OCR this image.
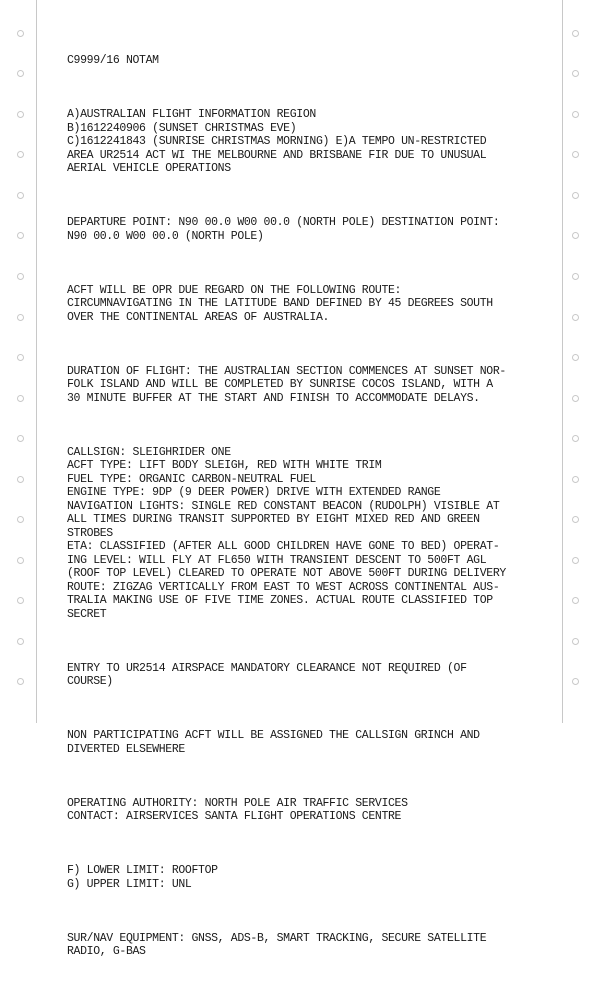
C9999/16 NOTAM

A)AUSTRALIAN FLIGHT INFORMATION REGION
B)1612240906 (SUNSET CHRISTMAS EVE)
C)1612241843 (SUNRISE CHRISTMAS MORNING) E)A TEMPO UN-RESTRICTED
AREA UR2514 ACT WI THE MELBOURNE AND BRISBANE FIR DUE TO UNUSUAL
AERIAL VEHICLE OPERATIONS

DEPARTURE POINT: N90 00.0 W00 00.0 (NORTH POLE) DESTINATION POINT:
N90 00.0 W00 00.0 (NORTH POLE)

ACFT WILL BE OPR DUE REGARD ON THE FOLLOWING ROUTE:
CIRCUMNAVIGATING IN THE LATITUDE BAND DEFINED BY 45 DEGREES SOUTH
OVER THE CONTINENTAL AREAS OF AUSTRALIA.

DURATION OF FLIGHT: THE AUSTRALIAN SECTION COMMENCES AT SUNSET NOR-
FOLK ISLAND AND WILL BE COMPLETED BY SUNRISE COCOS ISLAND, WITH A
30 MINUTE BUFFER AT THE START AND FINISH TO ACCOMMODATE DELAYS.

CALLSIGN: SLEIGHRIDER ONE
ACFT TYPE: LIFT BODY SLEIGH, RED WITH WHITE TRIM
FUEL TYPE: ORGANIC CARBON-NEUTRAL FUEL
ENGINE TYPE: 9DP (9 DEER POWER) DRIVE WITH EXTENDED RANGE
NAVIGATION LIGHTS: SINGLE RED CONSTANT BEACON (RUDOLPH) VISIBLE AT
ALL TIMES DURING TRANSIT SUPPORTED BY EIGHT MIXED RED AND GREEN
STROBES
ETA: CLASSIFIED (AFTER ALL GOOD CHILDREN HAVE GONE TO BED) OPERAT-
ING LEVEL: WILL FLY AT FL650 WITH TRANSIENT DESCENT TO 500FT AGL
(ROOF TOP LEVEL) CLEARED TO OPERATE NOT ABOVE 500FT DURING DELIVERY
ROUTE: ZIGZAG VERTICALLY FROM EAST TO WEST ACROSS CONTINENTAL AUS-
TRALIA MAKING USE OF FIVE TIME ZONES. ACTUAL ROUTE CLASSIFIED TOP
SECRET

ENTRY TO UR2514 AIRSPACE MANDATORY CLEARANCE NOT REQUIRED (OF
COURSE)

NON PARTICIPATING ACFT WILL BE ASSIGNED THE CALLSIGN GRINCH AND
DIVERTED ELSEWHERE

OPERATING AUTHORITY: NORTH POLE AIR TRAFFIC SERVICES
CONTACT: AIRSERVICES SANTA FLIGHT OPERATIONS CENTRE

F) LOWER LIMIT: ROOFTOP
G) UPPER LIMIT: UNL

SUR/NAV EQUIPMENT: GNSS, ADS-B, SMART TRACKING, SECURE SATELLITE
RADIO, G-BAS
